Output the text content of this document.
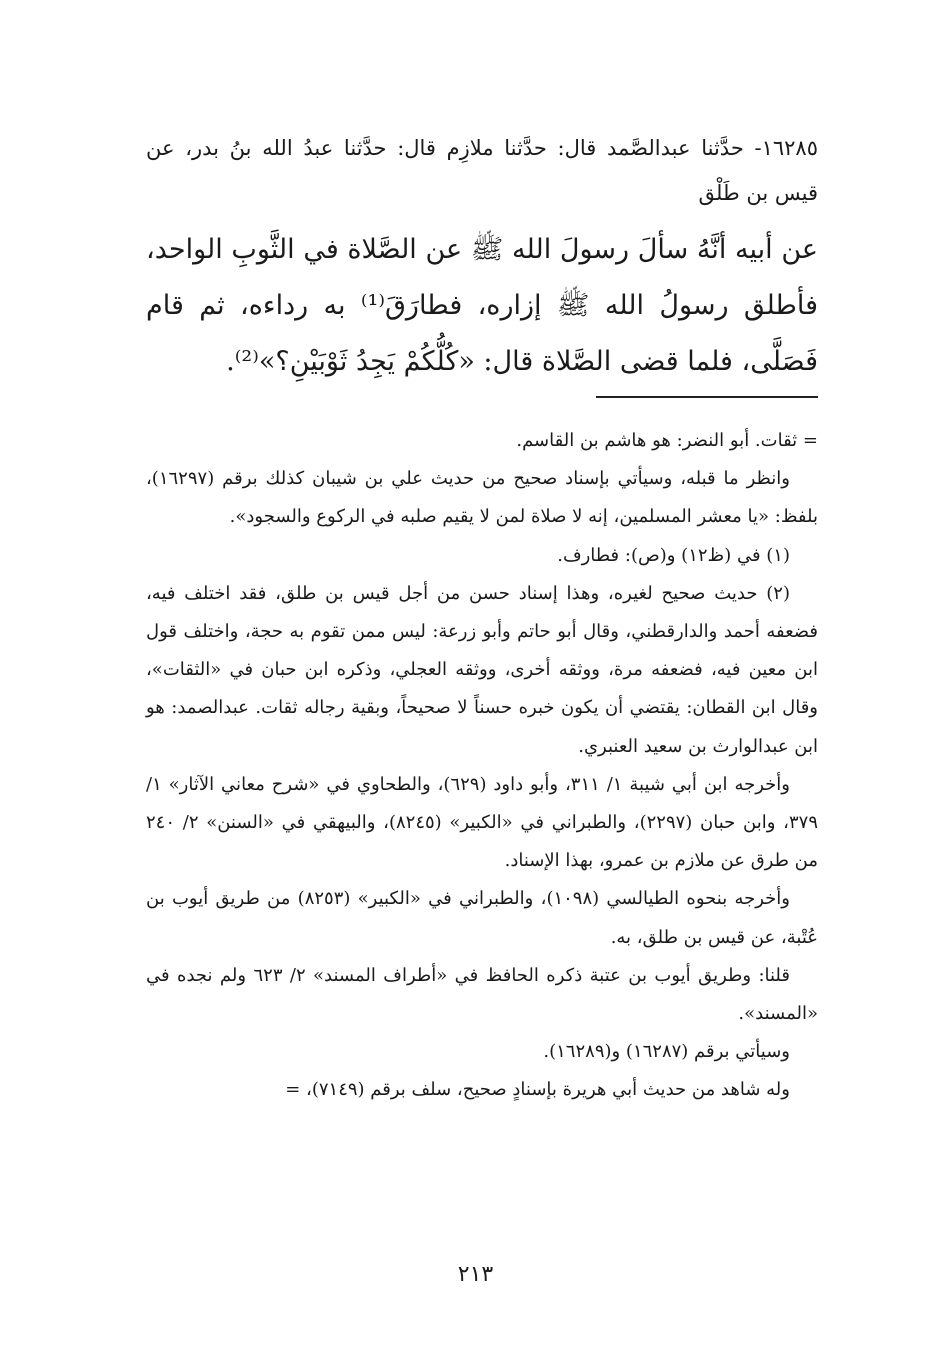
١٦٢٨٥- حدَّثنا عبدالصَّمد قال: حدَّثنا ملازِم قال: حدَّثنا عبدُ الله بنُ بدر، عن قيس بن طَلْق
عن أبيه أنَّهُ سألَ رسولَ الله ﷺ عن الصَّلاة في الثَّوبِ الواحد، فأطلق رسولُ الله ﷺ إزاره، فطارَقَ⁽¹⁾ به رداءه، ثم قام فَصَلَّى، فلما قضى الصَّلاة قال: «كُلُّكُمْ يَجِدُ ثَوْبَيْنِ؟»⁽²⁾.

= ثقات. أبو النضر: هو هاشم بن القاسم.

وانظر ما قبله، وسيأتي بإسناد صحيح من حديث علي بن شيبان كذلك برقم (١٦٢٩٧)، بلفظ: «يا معشر المسلمين، إنه لا صلاة لمن لا يقيم صلبه في الركوع والسجود».

(١) في (ظ١٢) و(ص): فطارف.

(٢) حديث صحيح لغيره، وهذا إسناد حسن من أجل قيس بن طلق، فقد اختلف فيه، فضعفه أحمد والدارقطني، وقال أبو حاتم وأبو زرعة: ليس ممن تقوم به حجة، واختلف قول ابن معين فيه، فضعفه مرة، ووثقه أخرى، ووثقه العجلي، وذكره ابن حبان في «الثقات»، وقال ابن القطان: يقتضي أن يكون خبره حسناً لا صحيحاً، وبقية رجاله ثقات. عبدالصمد: هو ابن عبدالوارث بن سعيد العنبري.

وأخرجه ابن أبي شيبة ١/ ٣١١، وأبو داود (٦٢٩)، والطحاوي في «شرح معاني الآثار» ١/ ٣٧٩، وابن حبان (٢٢٩٧)، والطبراني في «الكبير» (٨٢٤٥)، والبيهقي في «السنن» ٢/ ٢٤٠ من طرق عن ملازم بن عمرو، بهذا الإسناد.

وأخرجه بنحوه الطيالسي (١٠٩٨)، والطبراني في «الكبير» (٨٢٥٣) من طريق أيوب بن عُتْبة، عن قيس بن طلق، به.

قلنا: وطريق أيوب بن عتبة ذكره الحافظ في «أطراف المسند» ٢/ ٦٢٣ ولم نجده في «المسند».

وسيأتي برقم (١٦٢٨٧) و(١٦٢٨٩).

وله شاهد من حديث أبي هريرة بإسنادٍ صحيح، سلف برقم (٧١٤٩)، =

٢١٣
